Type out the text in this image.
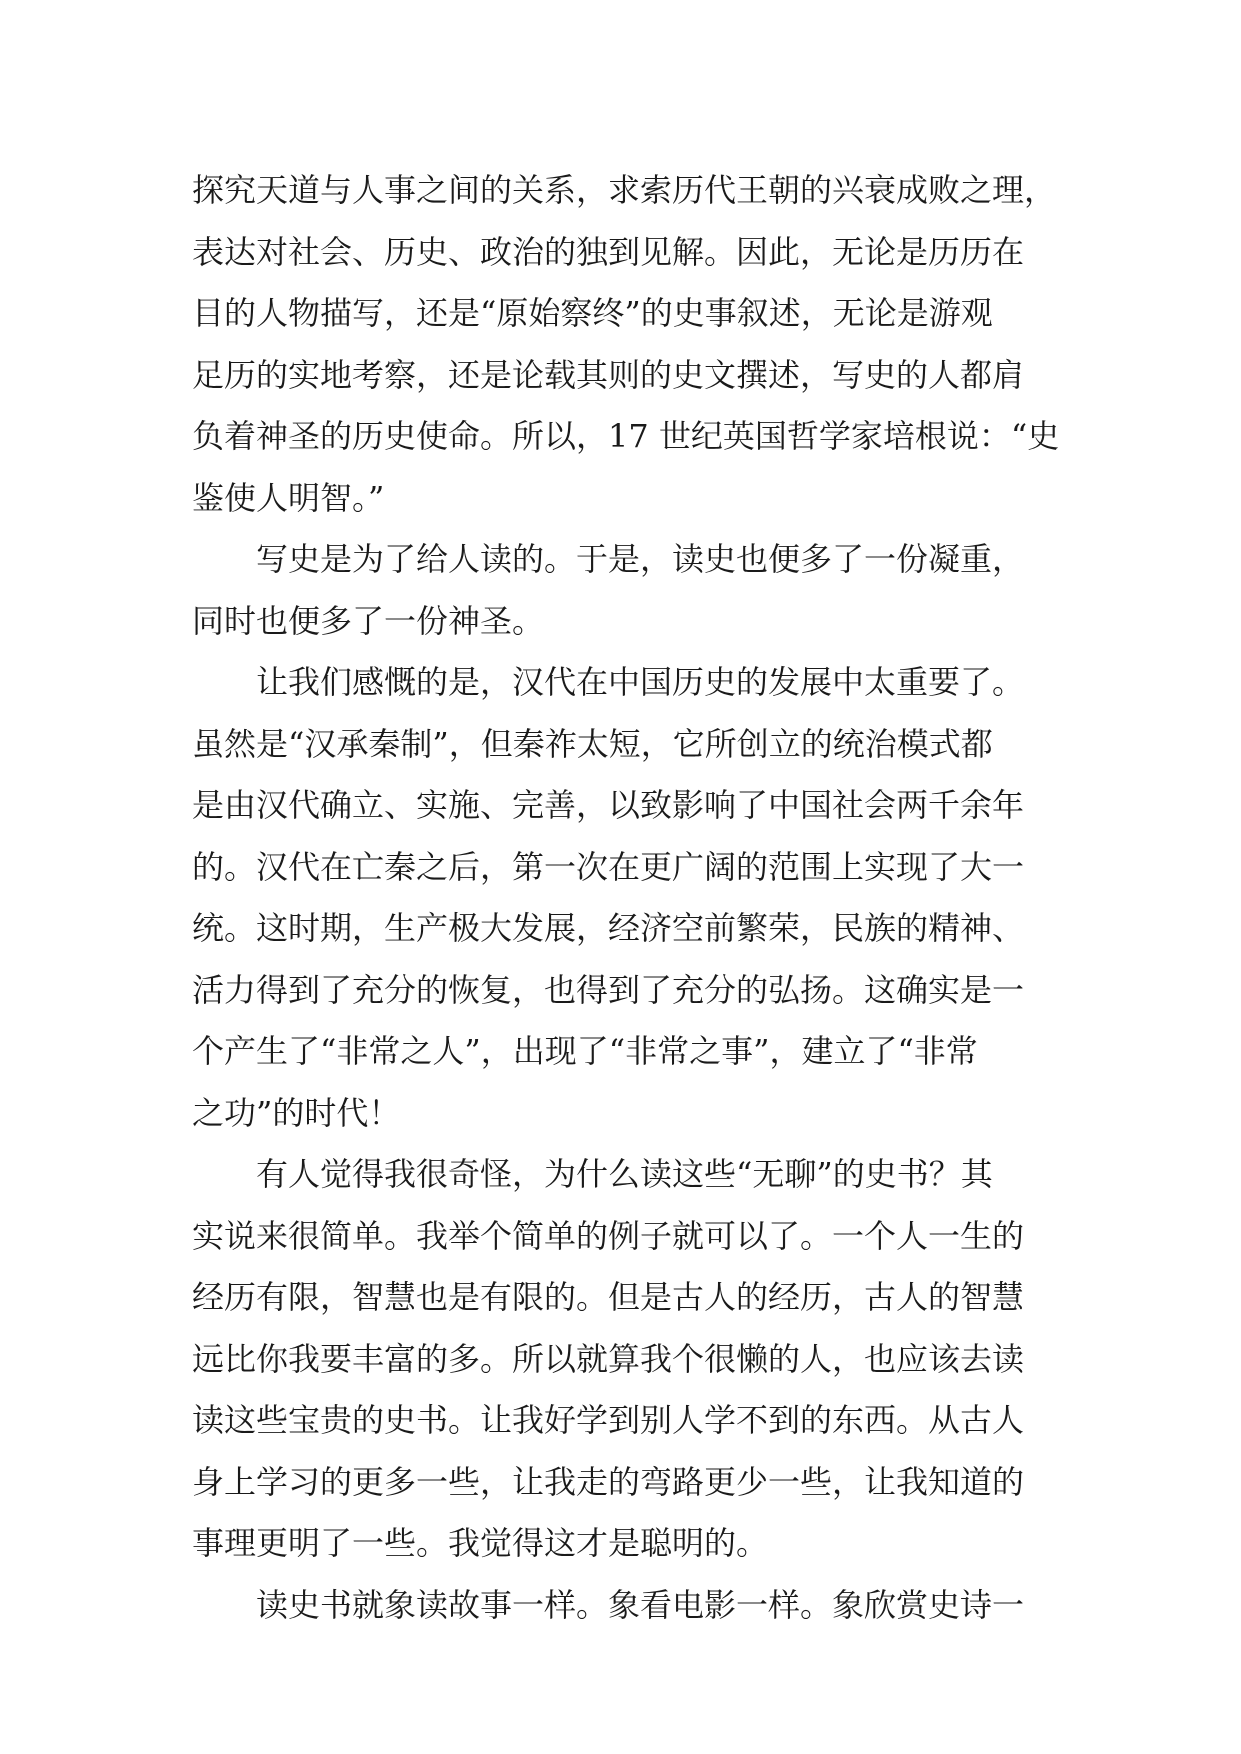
探究天道与人事之间的关系，求索历代王朝的兴衰成败之理，
表达对社会、历史、政治的独到见解。因此，无论是历历在
目的人物描写，还是“原始察终”的史事叙述，无论是游观
足历的实地考察，还是论载其则的史文撰述，写史的人都肩
负着神圣的历史使命。所以，17 世纪英国哲学家培根说：“史
鉴使人明智。”
写史是为了给人读的。于是，读史也便多了一份凝重，
同时也便多了一份神圣。
让我们感慨的是，汉代在中国历史的发展中太重要了。
虽然是“汉承秦制”，但秦祚太短，它所创立的统治模式都
是由汉代确立、实施、完善，以致影响了中国社会两千余年
的。汉代在亡秦之后，第一次在更广阔的范围上实现了大一
统。这时期，生产极大发展，经济空前繁荣，民族的精神、
活力得到了充分的恢复，也得到了充分的弘扬。这确实是一
个产生了“非常之人”，出现了“非常之事”，建立了“非常
之功”的时代！
有人觉得我很奇怪，为什么读这些“无聊”的史书？其
实说来很简单。我举个简单的例子就可以了。一个人一生的
经历有限，智慧也是有限的。但是古人的经历，古人的智慧
远比你我要丰富的多。所以就算我个很懒的人，也应该去读
读这些宝贵的史书。让我好学到别人学不到的东西。从古人
身上学习的更多一些，让我走的弯路更少一些，让我知道的
事理更明了一些。我觉得这才是聪明的。
读史书就象读故事一样。象看电影一样。象欣赏史诗一
